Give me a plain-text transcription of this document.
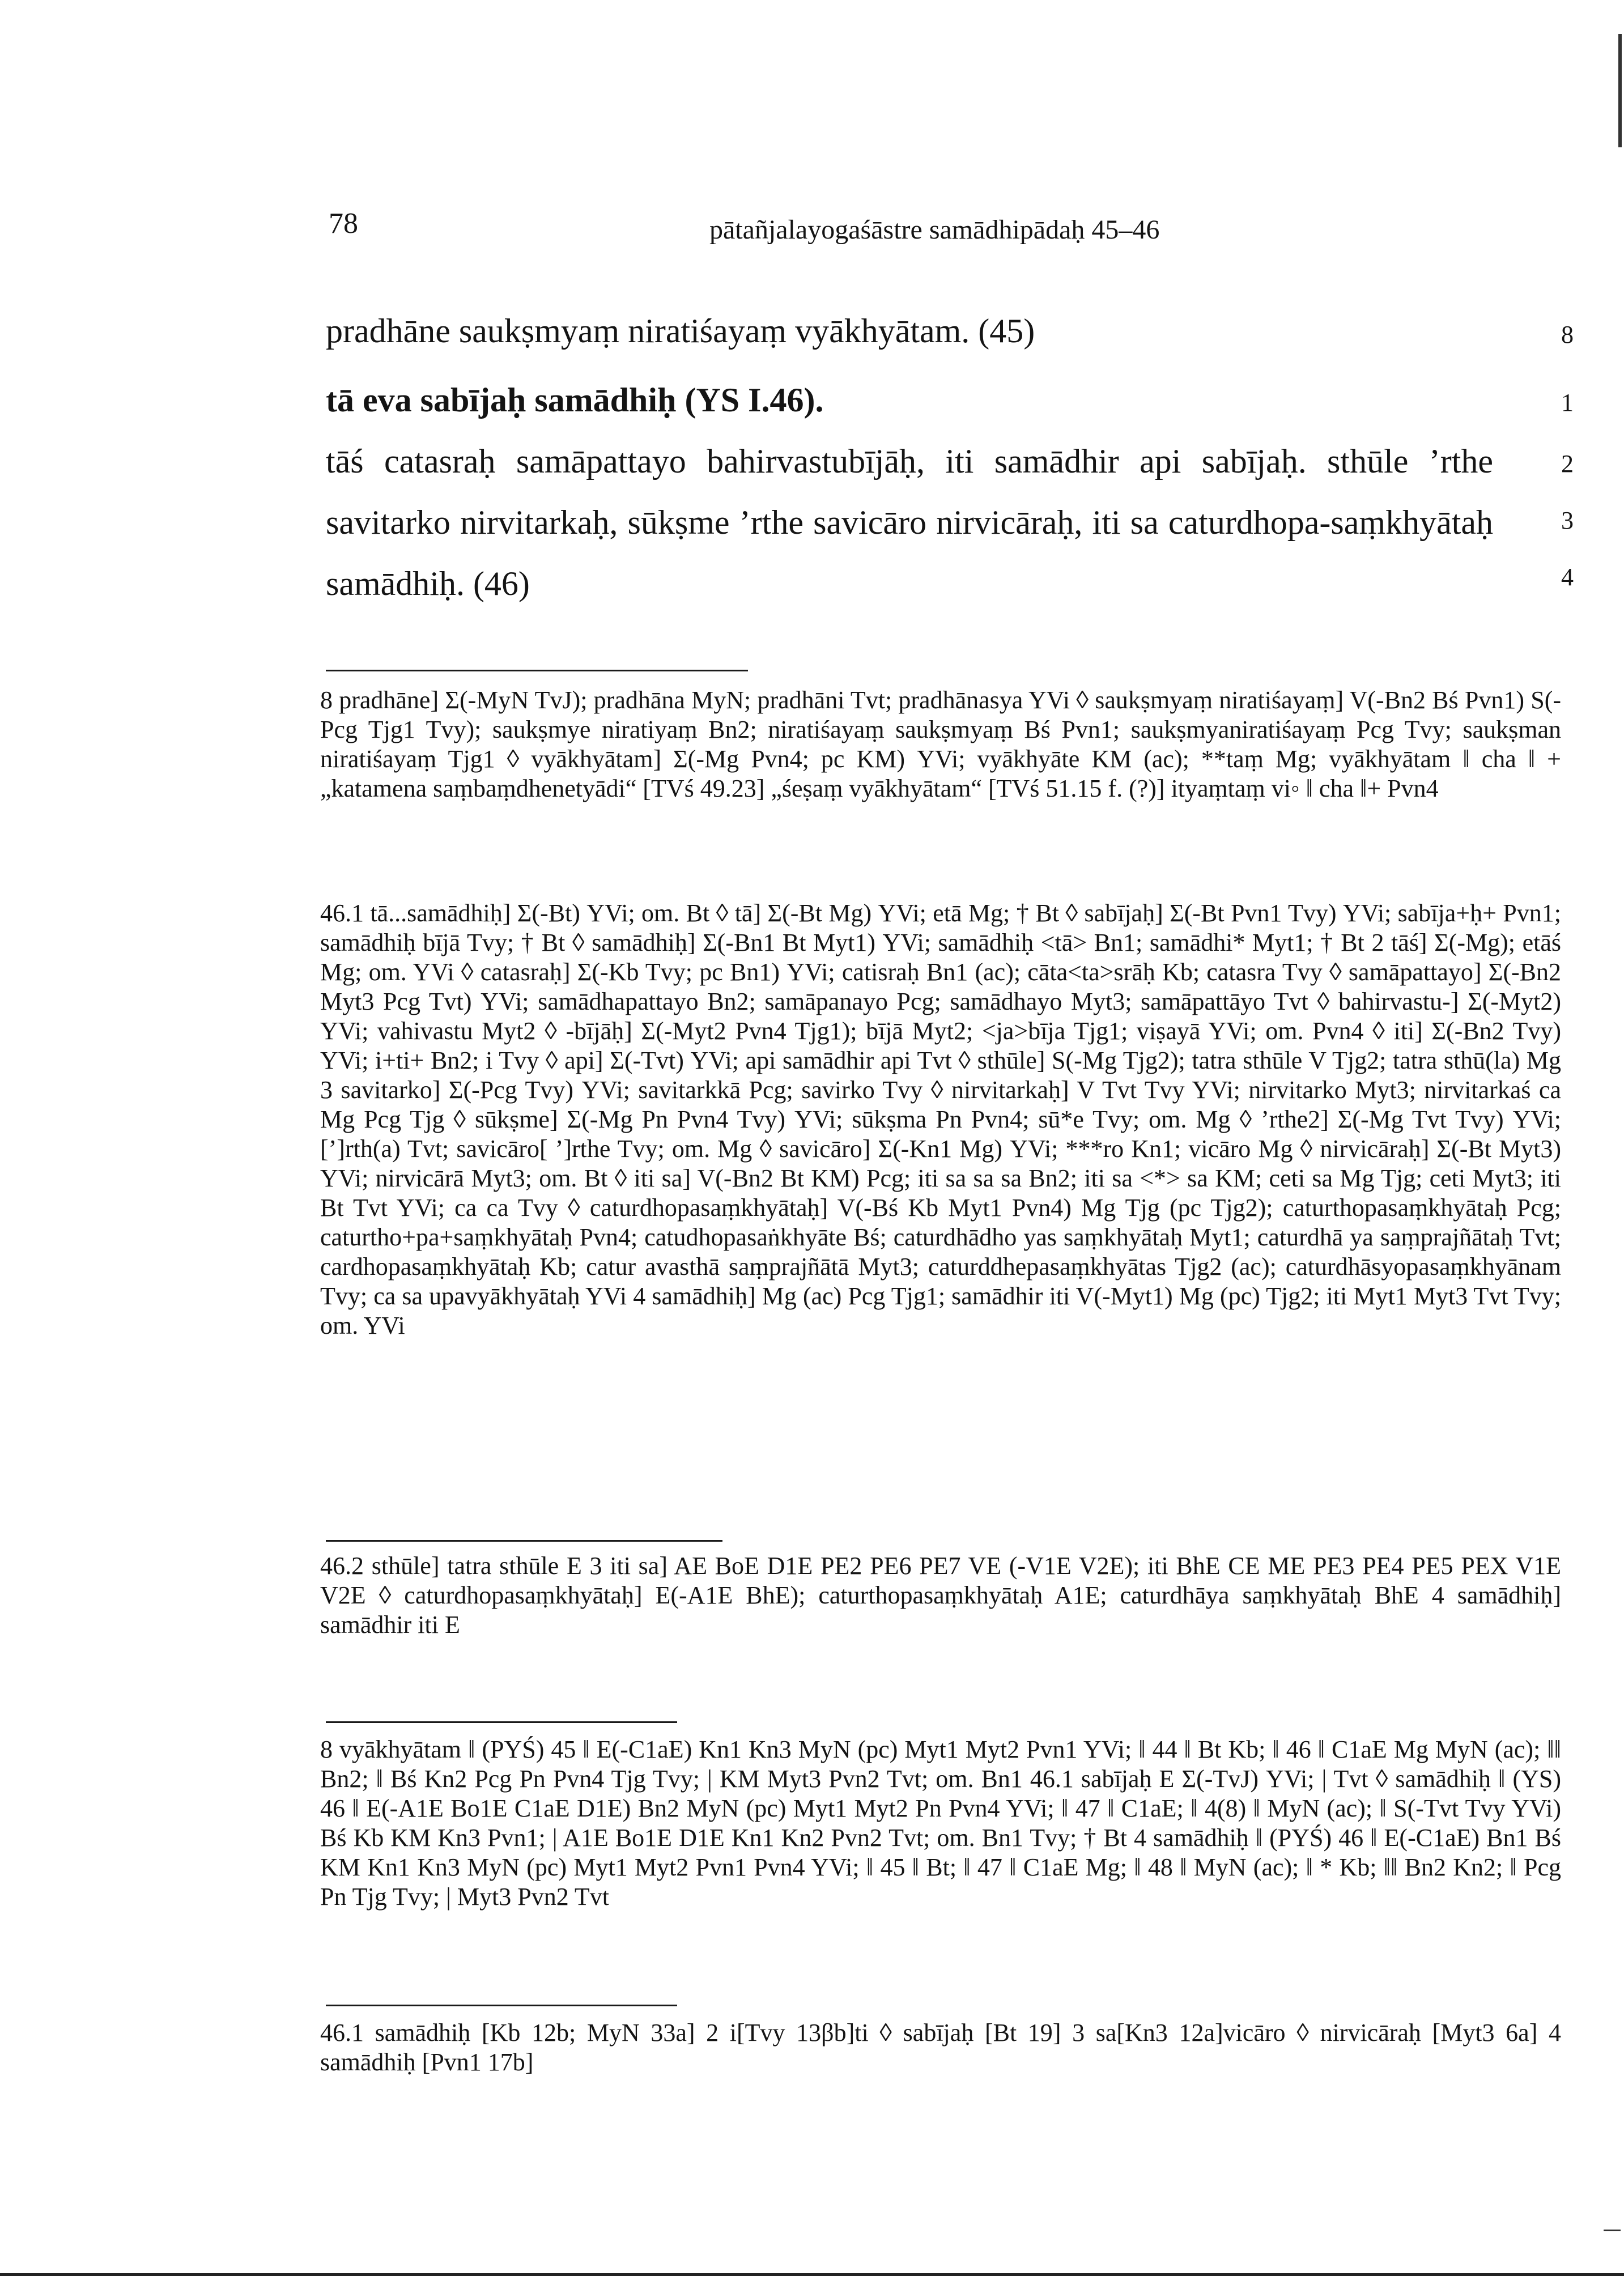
78	pātañjalayogaśāstre samādhipādaḥ 45–46
pradhāne saukṣmyaṃ niratiśayaṃ vyākhyātam. (45)
tā eva sabījaḥ samādhiḥ (YS I.46).
tāś catasraḥ samāpattayo bahirvastubījāḥ, iti samādhir api sabījaḥ. sthūle ’rthe savitarko nirvitarkaḥ, sūkṣme ’rthe savicāro nirvicāraḥ, iti sa caturdhopa-saṃkhyātaḥ samādhiḥ. (46)
8
1
2
3
4
8 pradhāne] Σ(-MyN TvJ); pradhāna MyN; pradhāni Tvt; pradhānasya YVi ◊ saukṣmyaṃ niratiśayaṃ] V(-Bn2 Bś Pvn1) S(-Pcg Tjg1 Tvy); saukṣmye niratiyaṃ Bn2; niratiśayaṃ saukṣmyaṃ Bś Pvn1; saukṣmyaniratiśayaṃ Pcg Tvy; saukṣman niratiśayaṃ Tjg1 ◊ vyākhyātam] Σ(-Mg Pvn4; pc KM) YVi; vyākhyāte KM (ac); **taṃ Mg; vyākhyātam ‖ cha ‖ +„katamena saṃbaṃdhenetyādi“ [TVś 49.23] „śeṣaṃ vyākhyātam“ [TVś 51.15 f. (?)] ityaṃtaṃ vi◦ ‖ cha ‖+ Pvn4
46.1 tā...samādhiḥ] Σ(-Bt) YVi; om. Bt ◊ tā] Σ(-Bt Mg) YVi; etā Mg; † Bt ◊ sabījaḥ] Σ(-Bt Pvn1 Tvy) YVi; sabīja+ḥ+ Pvn1; samādhiḥ bījā Tvy; † Bt ◊ samādhiḥ] Σ(-Bn1 Bt Myt1) YVi; samādhiḥ <tā> Bn1; samādhi* Myt1; † Bt 2 tāś] Σ(-Mg); etāś Mg; om. YVi ◊ catasraḥ] Σ(-Kb Tvy; pc Bn1) YVi; catisraḥ Bn1 (ac); cāta<ta>srāḥ Kb; catasra Tvy ◊ samāpattayo] Σ(-Bn2 Myt3 Pcg Tvt) YVi; samādhapattayo Bn2; samāpanayo Pcg; samādhayo Myt3; samāpattāyo Tvt ◊ bahirvastu-] Σ(-Myt2) YVi; vahivastu Myt2 ◊ -bījāḥ] Σ(-Myt2 Pvn4 Tjg1); bījā Myt2; <ja>bīja Tjg1; viṣayā YVi; om. Pvn4 ◊ iti] Σ(-Bn2 Tvy) YVi; i+ti+ Bn2; i Tvy ◊ api] Σ(-Tvt) YVi; api samādhir api Tvt ◊ sthūle] S(-Mg Tjg2); tatra sthūle V Tjg2; tatra sthū(la) Mg 3 savitarko] Σ(-Pcg Tvy) YVi; savitarkkā Pcg; savirko Tvy ◊ nirvitarkaḥ] V Tvt Tvy YVi; nirvitarko Myt3; nirvitarkaś ca Mg Pcg Tjg ◊ sūkṣme] Σ(-Mg Pn Pvn4 Tvy) YVi; sūkṣma Pn Pvn4; sū*e Tvy; om. Mg ◊ ’rthe2] Σ(-Mg Tvt Tvy) YVi; [’]rth(a) Tvt; savicāro[ ’]rthe Tvy; om. Mg ◊ savicāro] Σ(-Kn1 Mg) YVi; ***ro Kn1; vicāro Mg ◊ nirvicāraḥ] Σ(-Bt Myt3) YVi; nirvicārā Myt3; om. Bt ◊ iti sa] V(-Bn2 Bt KM) Pcg; iti sa sa sa Bn2; iti sa <*> sa KM; ceti sa Mg Tjg; ceti Myt3; iti Bt Tvt YVi; ca ca Tvy ◊ caturdhopasaṃkhyātaḥ] V(-Bś Kb Myt1 Pvn4) Mg Tjg (pc Tjg2); caturthopasaṃkhyātaḥ Pcg; caturtho+pa+saṃkhyātaḥ Pvn4; catudhopasaṅkhyāte Bś; caturdhādho yas saṃkhyātaḥ Myt1; caturdhā ya saṃprajñātaḥ Tvt; cardhopasaṃkhyātaḥ Kb; catur avasthā saṃprajñātā Myt3; caturddhepasaṃkhyātas Tjg2 (ac); caturdhāsyopasaṃkhyānam Tvy; ca sa upavyākhyātaḥ YVi 4 samādhiḥ] Mg (ac) Pcg Tjg1; samādhir iti V(-Myt1) Mg (pc) Tjg2; iti Myt1 Myt3 Tvt Tvy; om. YVi
46.2 sthūle] tatra sthūle E 3 iti sa] AE BoE D1E PE2 PE6 PE7 VE (-V1E V2E); iti BhE CE ME PE3 PE4 PE5 PEX V1E V2E ◊ caturdhopasaṃkhyātaḥ] E(-A1E BhE); caturthopasaṃkhyātaḥ A1E; caturdhāya saṃkhyātaḥ BhE 4 samādhiḥ] samādhir iti E
8 vyākhyātam ‖ (PYŚ) 45 ‖ E(-C1aE) Kn1 Kn3 MyN (pc) Myt1 Myt2 Pvn1 YVi; ‖ 44 ‖ Bt Kb; ‖ 46 ‖ C1aE Mg MyN (ac); ‖‖ Bn2; ‖ Bś Kn2 Pcg Pn Pvn4 Tjg Tvy; | KM Myt3 Pvn2 Tvt; om. Bn1 46.1 sabījaḥ E Σ(-TvJ) YVi; | Tvt ◊ samādhiḥ ‖ (YS) 46 ‖ E(-A1E Bo1E C1aE D1E) Bn2 MyN (pc) Myt1 Myt2 Pn Pvn4 YVi; ‖ 47 ‖ C1aE; ‖ 4(8) ‖ MyN (ac); ‖ S(-Tvt Tvy YVi) Bś Kb KM Kn3 Pvn1; | A1E Bo1E D1E Kn1 Kn2 Pvn2 Tvt; om. Bn1 Tvy; † Bt 4 samādhiḥ ‖ (PYŚ) 46 ‖ E(-C1aE) Bn1 Bś KM Kn1 Kn3 MyN (pc) Myt1 Myt2 Pvn1 Pvn4 YVi; ‖ 45 ‖ Bt; ‖ 47 ‖ C1aE Mg; ‖ 48 ‖ MyN (ac); ‖ * Kb; ‖‖ Bn2 Kn2; ‖ Pcg Pn Tjg Tvy; | Myt3 Pvn2 Tvt
46.1 samādhiḥ [Kb 12b; MyN 33a] 2 i[Tvy 13βb]ti ◊ sabījaḥ [Bt 19] 3 sa[Kn3 12a]vicāro ◊ nirvicāraḥ [Myt3 6a] 4 samādhiḥ [Pvn1 17b]
